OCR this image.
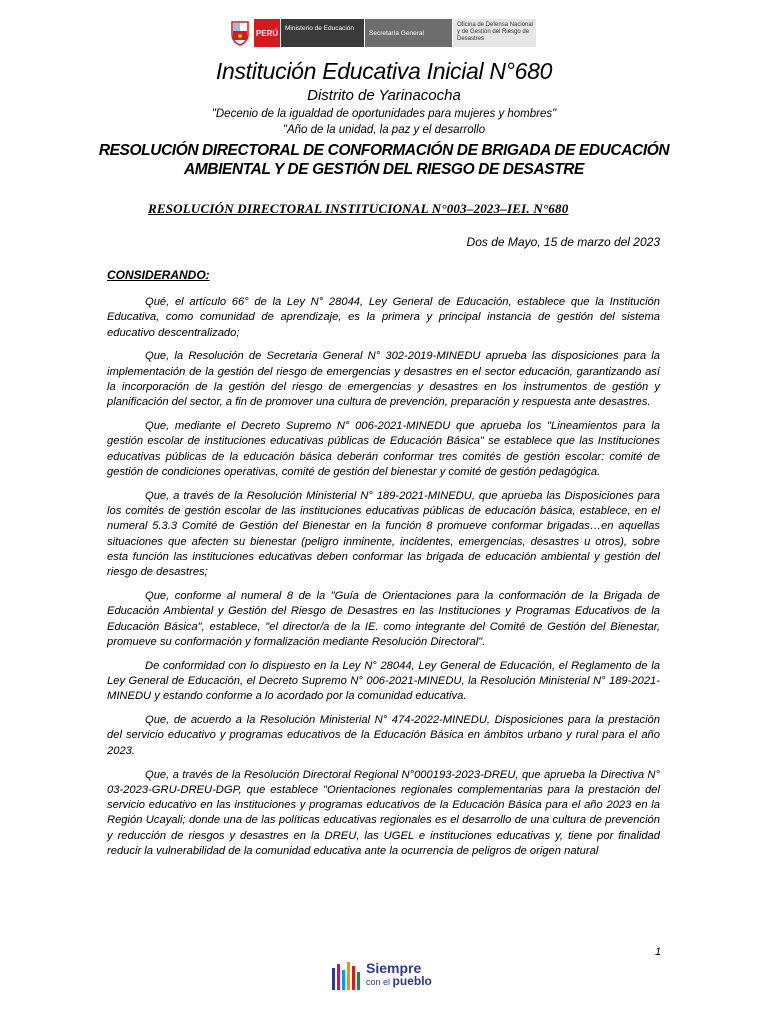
PERÚ	Ministerio de Educación
Secretaría General
Oficina de Defensa Nacional y de Gestión del Riesgo de Desastres
Institución Educativa Inicial N°680
Distrito de Yarinacocha
"Decenio de la igualdad de oportunidades para mujeres y hombres"
"Año de la unidad, la paz y el desarrollo
RESOLUCIÓN DIRECTORAL DE CONFORMACIÓN DE BRIGADA DE EDUCACIÓN
AMBIENTAL Y DE GESTIÓN DEL RIESGO DE DESASTRE
RESOLUCIÓN DIRECTORAL INSTITUCIONAL N°003–2023–IEI. N°680
Dos de Mayo, 15 de marzo del 2023
CONSIDERANDO:

Qué, el artículo 66° de la Ley N° 28044, Ley General de Educación, establece que la Institución Educativa, como comunidad de aprendizaje, es la primera y principal instancia de gestión del sistema educativo descentralizado;

Que, la Resolución de Secretaria General N° 302-2019-MINEDU aprueba las disposiciones para la implementación de la gestión del riesgo de emergencias y desastres en el sector educación, garantizando así la incorporación de la gestión del riesgo de emergencias y desastres en los instrumentos de gestión y planificación del sector, a fin de promover una cultura de prevención, preparación y respuesta ante desastres.

Que, mediante el Decreto Supremo N° 006-2021-MINEDU que aprueba los "Lineamientos para la gestión escolar de instituciones educativas públicas de Educación Básica" se establece que las Instituciones educativas públicas de la educación básica deberán conformar tres comités de gestión escolar: comité de gestión de condiciones operativas, comité de gestión del bienestar y comité de gestión pedagógica.

Que, a través de la Resolución Ministerial N° 189-2021-MINEDU, que aprueba las Disposiciones para los comités de gestión escolar de las instituciones educativas públicas de educación básica, establece, en el numeral 5.3.3 Comité de Gestión del Bienestar en la función 8 promueve conformar brigadas…en aquellas situaciones que afecten su bienestar (peligro inminente, incidentes, emergencias, desastres u otros), sobre esta función las instituciones educativas deben conformar las brigada de educación ambiental y gestión del riesgo de desastres;

Que, conforme al numeral 8 de la "Guía de Orientaciones para la conformación de la Brigada de Educación Ambiental y Gestión del Riesgo de Desastres en las Instituciones y Programas Educativos de la Educación Básica", establece, "el director/a de la IE. como integrante del Comité de Gestión del Bienestar, promueve su conformación y formalización mediante Resolución Directoral".

De conformidad con lo dispuesto en la Ley N° 28044, Ley General de Educación, el Reglamento de la Ley General de Educación, el Decreto Supremo N° 006-2021-MINEDU, la Resolución Ministerial N° 189-2021-MINEDU y estando conforme a lo acordado por la comunidad educativa.

Que, de acuerdo a la Resolución Ministerial N° 474-2022-MINEDU, Disposiciones para la prestación del servicio educativo y programas educativos de la Educación Básica en ámbitos urbano y rural para el año 2023.

Que, a través de la Resolución Directoral Regional N°000193-2023-DREU, que aprueba la Directiva N° 03-2023-GRU-DREU-DGP, que establece "Orientaciones regionales complementarias para la prestación del servicio educativo en las instituciones y programas educativos de la Educación Básica para el año 2023 en la Región Ucayali; donde una de las políticas educativas regionales es el desarrollo de una cultura de prevención y reducción de riesgos y desastres en la DREU, las UGEL e instituciones educativas y, tiene por finalidad reducir la vulnerabilidad de la comunidad educativa ante la ocurrencia de peligros de origen natural

1
Siempre
con el pueblo
